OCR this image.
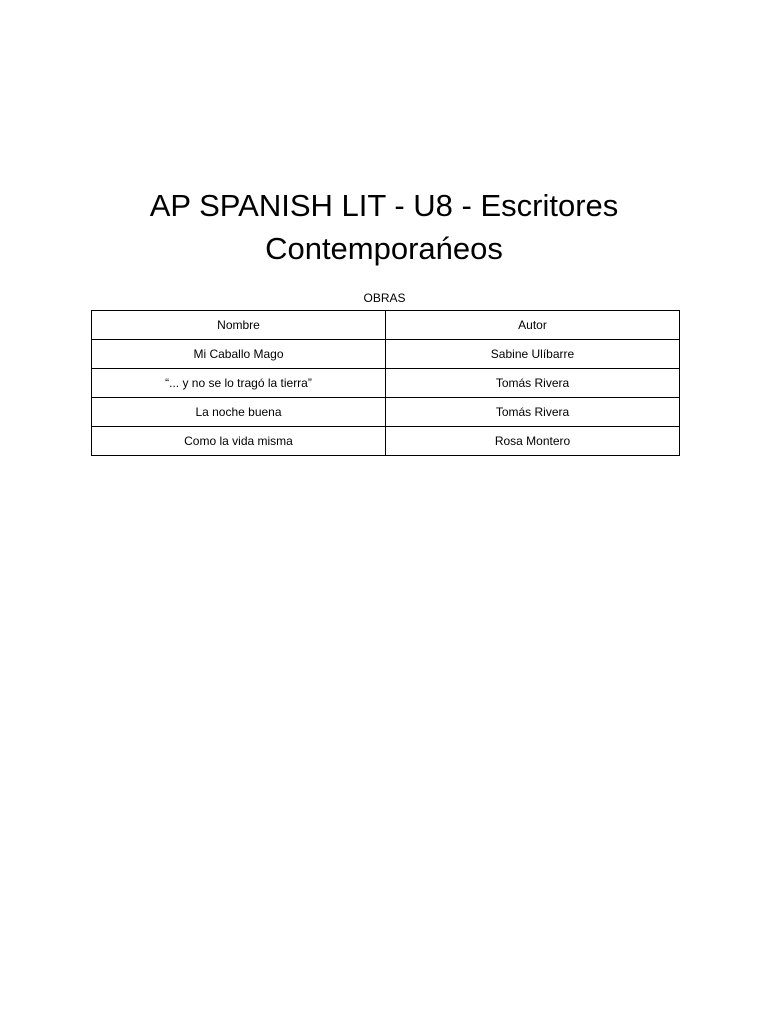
AP SPANISH LIT - U8 - Escritores
Contemporańeos
OBRAS
Nombre	Autor
Mi Caballo Mago	Sabine Ulíbarre
“... y no se lo tragó la tierra”	Tomás Rivera
La noche buena	Tomás Rivera
Como la vida misma	Rosa Montero
